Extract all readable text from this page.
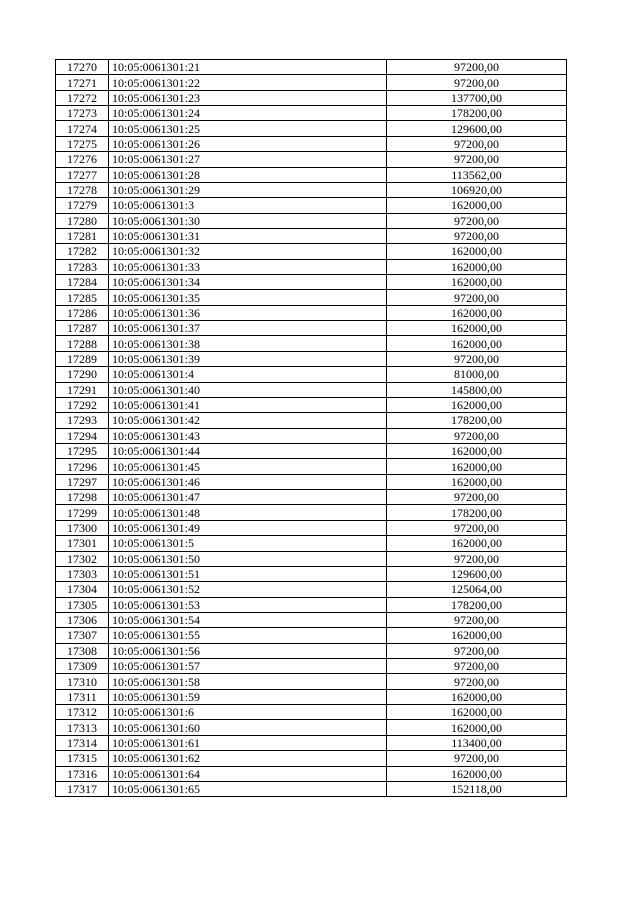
17270	10:05:0061301:21	97200,00
17271	10:05:0061301:22	97200,00
17272	10:05:0061301:23	137700,00
17273	10:05:0061301:24	178200,00
17274	10:05:0061301:25	129600,00
17275	10:05:0061301:26	97200,00
17276	10:05:0061301:27	97200,00
17277	10:05:0061301:28	113562,00
17278	10:05:0061301:29	106920,00
17279	10:05:0061301:3	162000,00
17280	10:05:0061301:30	97200,00
17281	10:05:0061301:31	97200,00
17282	10:05:0061301:32	162000,00
17283	10:05:0061301:33	162000,00
17284	10:05:0061301:34	162000,00
17285	10:05:0061301:35	97200,00
17286	10:05:0061301:36	162000,00
17287	10:05:0061301:37	162000,00
17288	10:05:0061301:38	162000,00
17289	10:05:0061301:39	97200,00
17290	10:05:0061301:4	81000,00
17291	10:05:0061301:40	145800,00
17292	10:05:0061301:41	162000,00
17293	10:05:0061301:42	178200,00
17294	10:05:0061301:43	97200,00
17295	10:05:0061301:44	162000,00
17296	10:05:0061301:45	162000,00
17297	10:05:0061301:46	162000,00
17298	10:05:0061301:47	97200,00
17299	10:05:0061301:48	178200,00
17300	10:05:0061301:49	97200,00
17301	10:05:0061301:5	162000,00
17302	10:05:0061301:50	97200,00
17303	10:05:0061301:51	129600,00
17304	10:05:0061301:52	125064,00
17305	10:05:0061301:53	178200,00
17306	10:05:0061301:54	97200,00
17307	10:05:0061301:55	162000,00
17308	10:05:0061301:56	97200,00
17309	10:05:0061301:57	97200,00
17310	10:05:0061301:58	97200,00
17311	10:05:0061301:59	162000,00
17312	10:05:0061301:6	162000,00
17313	10:05:0061301:60	162000,00
17314	10:05:0061301:61	113400,00
17315	10:05:0061301:62	97200,00
17316	10:05:0061301:64	162000,00
17317	10:05:0061301:65	152118,00
